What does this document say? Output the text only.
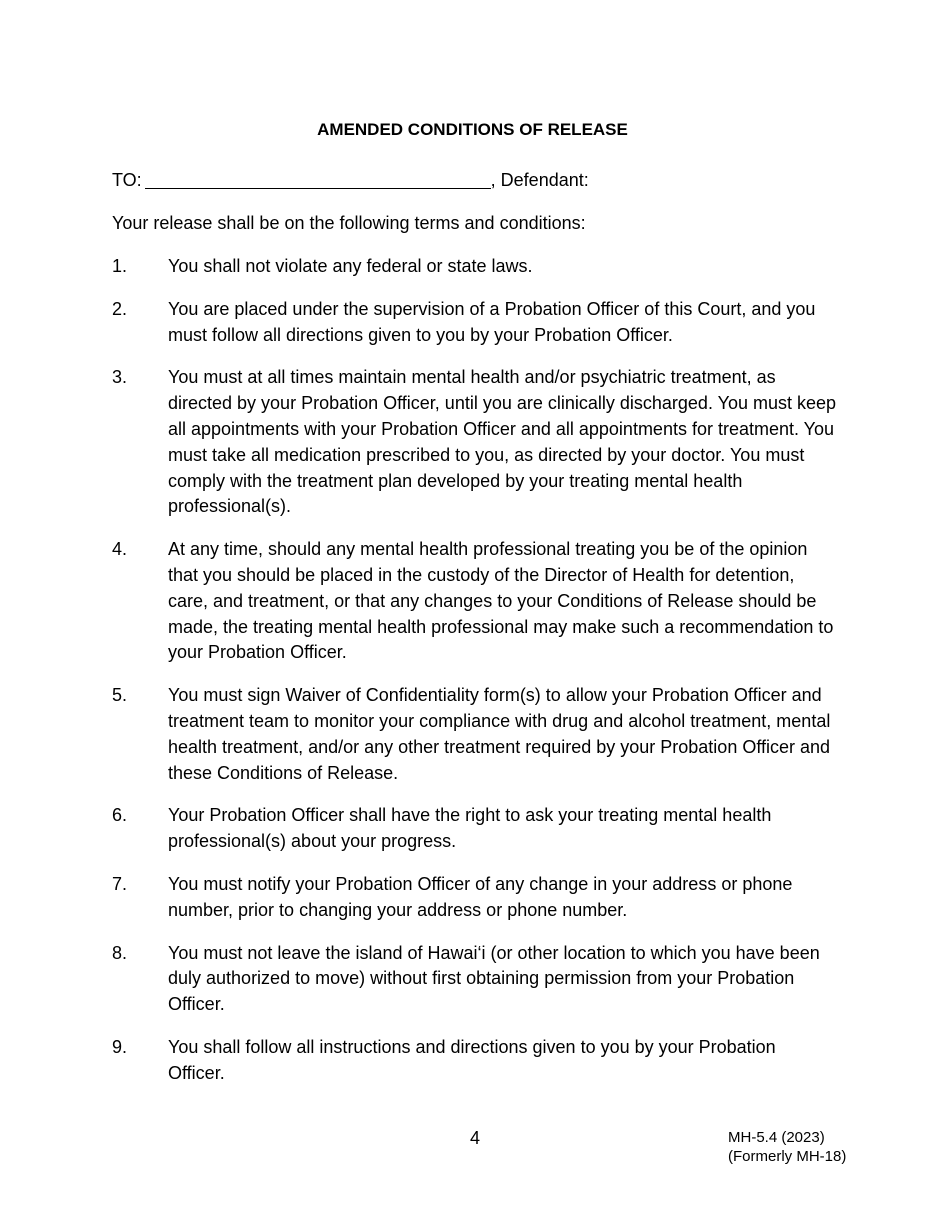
AMENDED CONDITIONS OF RELEASE
TO:	, Defendant:
Your release shall be on the following terms and conditions:
1.	You shall not violate any federal or state laws.
2.	You are placed under the supervision of a Probation Officer of this Court, and you must follow all directions given to you by your Probation Officer.
3.	You must at all times maintain mental health and/or psychiatric treatment, as directed by your Probation Officer, until you are clinically discharged. You must keep all appointments with your Probation Officer and all appointments for treatment. You must take all medication prescribed to you, as directed by your doctor. You must comply with the treatment plan developed by your treating mental health professional(s).
4.	At any time, should any mental health professional treating you be of the opinion that you should be placed in the custody of the Director of Health for detention, care, and treatment, or that any changes to your Conditions of Release should be made, the treating mental health professional may make such a recommendation to your Probation Officer.
5.	You must sign Waiver of Confidentiality form(s) to allow your Probation Officer and treatment team to monitor your compliance with drug and alcohol treatment, mental health treatment, and/or any other treatment required by your Probation Officer and these Conditions of Release.
6.	Your Probation Officer shall have the right to ask your treating mental health professional(s) about your progress.
7.	You must notify your Probation Officer of any change in your address or phone number, prior to changing your address or phone number.
8.	You must not leave the island of Hawai‘i (or other location to which you have been duly authorized to move) without first obtaining permission from your Probation Officer.
9.	You shall follow all instructions and directions given to you by your Probation Officer.
4	MH-5.4 (2023)
(Formerly MH-18)
